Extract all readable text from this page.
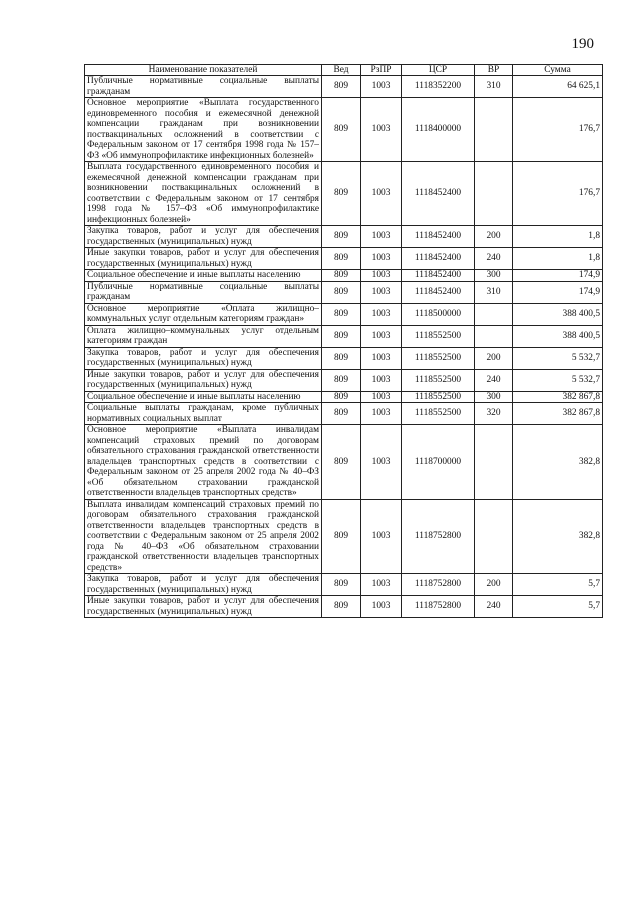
190
Наименование показателей	Вед	РзПР	ЦСР	ВР	Сумма
Публичные нормативные социальные выплаты гражданам	809	1003	1118352200	310	64 625,1
Основное мероприятие «Выплата государственного единовременного пособия и ежемесячной денежной компенсации гражданам при возникновении поствакцинальных осложнений в соответствии с Федеральным законом от 17 сентября 1998 года № 157–ФЗ «Об иммунопрофилактике инфекционных болезней»	809	1003	1118400000		176,7
Выплата государственного единовременного пособия и ежемесячной денежной компенсации гражданам при возникновении поствакцинальных осложнений в соответствии с Федеральным законом от 17 сентября 1998 года № 157–ФЗ «Об иммунопрофилактике инфекционных болезней»	809	1003	1118452400		176,7
Закупка товаров, работ и услуг для обеспечения государственных (муниципальных) нужд	809	1003	1118452400	200	1,8
Иные закупки товаров, работ и услуг для обеспечения государственных (муниципальных) нужд	809	1003	1118452400	240	1,8
Социальное обеспечение и иные выплаты населению	809	1003	1118452400	300	174,9
Публичные нормативные социальные выплаты гражданам	809	1003	1118452400	310	174,9
Основное мероприятие «Оплата жилищно–коммунальных услуг отдельным категориям граждан»	809	1003	1118500000		388 400,5
Оплата жилищно–коммунальных услуг отдельным категориям граждан	809	1003	1118552500		388 400,5
Закупка товаров, работ и услуг для обеспечения государственных (муниципальных) нужд	809	1003	1118552500	200	5 532,7
Иные закупки товаров, работ и услуг для обеспечения государственных (муниципальных) нужд	809	1003	1118552500	240	5 532,7
Социальное обеспечение и иные выплаты населению	809	1003	1118552500	300	382 867,8
Социальные выплаты гражданам, кроме публичных нормативных социальных выплат	809	1003	1118552500	320	382 867,8
Основное мероприятие «Выплата инвалидам компенсаций страховых премий по договорам обязательного страхования гражданской ответственности владельцев транспортных средств в соответствии с Федеральным законом от 25 апреля 2002 года № 40–ФЗ «Об обязательном страховании гражданской ответственности владельцев транспортных средств»	809	1003	1118700000		382,8
Выплата инвалидам компенсаций страховых премий по договорам обязательного страхования гражданской ответственности владельцев транспортных средств в соответствии с Федеральным законом от 25 апреля 2002 года № 40–ФЗ «Об обязательном страховании гражданской ответственности владельцев транспортных средств»	809	1003	1118752800		382,8
Закупка товаров, работ и услуг для обеспечения государственных (муниципальных) нужд	809	1003	1118752800	200	5,7
Иные закупки товаров, работ и услуг для обеспечения государственных (муниципальных) нужд	809	1003	1118752800	240	5,7
